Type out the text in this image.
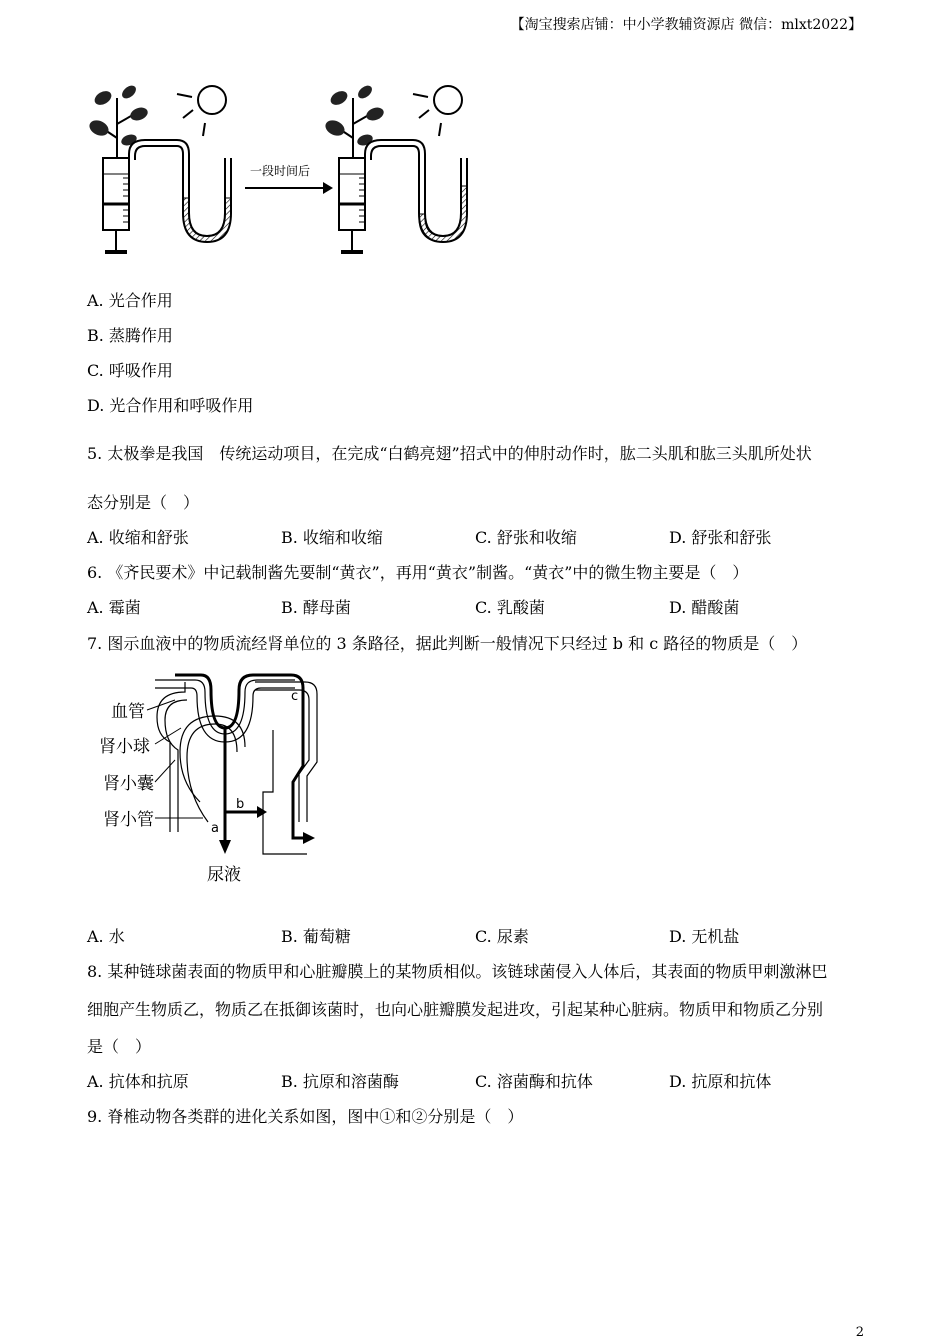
【淘宝搜索店铺：中小学教辅资源店 微信：mlxt2022】
一段时间后
A. 光合作用
B. 蒸腾作用
C. 呼吸作用
D. 光合作用和呼吸作用
5. 太极拳是我国　传统运动项目，在完成“白鹤亮翅”招式中的伸肘动作时，肱二头肌和肱三头肌所处状
态分别是（　）
A. 收缩和舒张	B. 收缩和收缩	C. 舒张和收缩	D. 舒张和舒张
6. 《齐民要术》中记载制酱先要制“黄衣”，再用“黄衣”制酱。“黄衣”中的微生物主要是（　）
A. 霉菌	B. 酵母菌	C. 乳酸菌	D. 醋酸菌
7. 图示血液中的物质流经肾单位的 3 条路径，据此判断一般情况下只经过 b 和 c 路径的物质是（　）
血管
肾小球
肾小囊
肾小管
尿液
a
b
c
A. 水	B. 葡萄糖	C. 尿素	D. 无机盐
8. 某种链球菌表面的物质甲和心脏瓣膜上的某物质相似。该链球菌侵入人体后，其表面的物质甲刺激淋巴
细胞产生物质乙，物质乙在抵御该菌时，也向心脏瓣膜发起进攻，引起某种心脏病。物质甲和物质乙分别
是（　）
A. 抗体和抗原	B. 抗原和溶菌酶	C. 溶菌酶和抗体	D. 抗原和抗体
9. 脊椎动物各类群的进化关系如图，图中①和②分别是（　）
2
